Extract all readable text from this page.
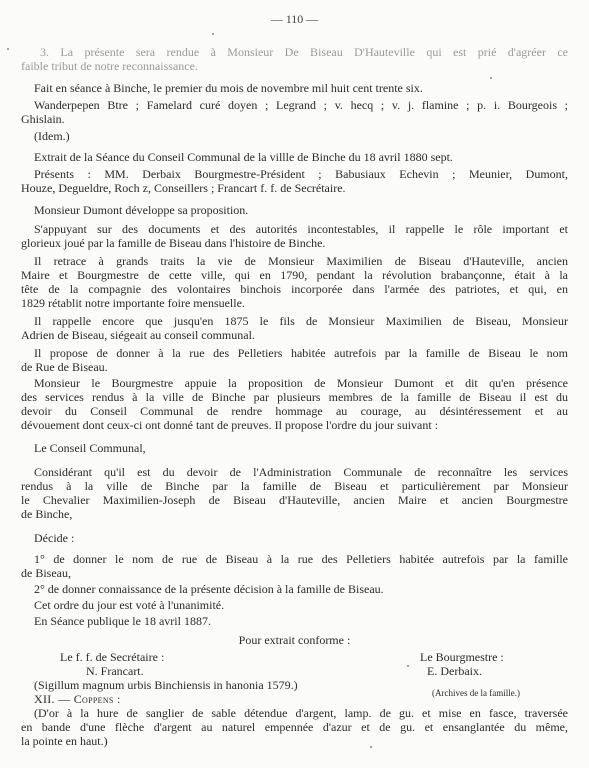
— 110 —
3. La présente sera rendue à Monsieur De Biseau D'Hauteville qui est prié d'agréer ce
faible tribut de notre reconnaissance.
Fait en séance à Binche, le premier du mois de novembre mil huit cent trente six.
Wanderpepen Btre ; Famelard curé doyen ; Legrand ; v. hecq ; v. j. flamine ; p. i. Bourgeois ;
Ghislain.
(Idem.)
Extrait de la Séance du Conseil Communal de la villle de Binche du 18 avril 1880 sept.
Présents : MM. Derbaix Bourgmestre-Président ; Babusiaux Echevin ; Meunier, Dumont,
Houze, Degueldre, Roch z, Conseillers ; Francart f. f. de Secrétaire.
Monsieur Dumont développe sa proposition.
S'appuyant sur des documents et des autorités incontestables, il rappelle le rôle important et
glorieux joué par la famille de Biseau dans l'histoire de Binche.
Il retrace à grands traits la vie de Monsieur Maximilien de Biseau d'Hauteville, ancien
Maire et Bourgmestre de cette ville, qui en 1790, pendant la révolution brabançonne, était à la
tête de la compagnie des volontaires binchois incorporée dans l'armée des patriotes, et qui, en
1829 rétablit notre importante foire mensuelle.
Il rappelle encore que jusqu'en 1875 le fils de Monsieur Maximilien de Biseau, Monsieur
Adrien de Biseau, siégeait au conseil communal.
Il propose de donner à la rue des Pelletiers habitée autrefois par la famille de Biseau le nom
de Rue de Biseau.
Monsieur le Bourgmestre appuie la proposition de Monsieur Dumont et dit qu'en présence
des services rendus à la ville de Binche par plusieurs membres de la famille de Biseau il est du
devoir du Conseil Communal de rendre hommage au courage, au désintéressement et au
dévouement dont ceux-ci ont donné tant de preuves. Il propose l'ordre du jour suivant :
Le Conseil Communal,
Considérant qu'il est du devoir de l'Administration Communale de reconnaître les services
rendus à la ville de Binche par la famille de Biseau et particulièrement par Monsieur
le Chevalier Maximilien-Joseph de Biseau d'Hauteville, ancien Maire et ancien Bourgmestre
de Binche,
Décide :
1° de donner le nom de rue de Biseau à la rue des Pelletiers habitée autrefois par la famille
de Biseau,
2° de donner connaissance de la présente décision à la famille de Biseau.
Cet ordre du jour est voté à l'unanimité.
En Séance publique le 18 avril 1887.
(D'or à la hure de sanglier de sable détendue d'argent, lamp. de gu. et mise en fasce, traversée
en bande d'une flèche d'argent au naturel empennée d'azur et de gu. et ensanglantée du même,
la pointe en haut.)
Pour extrait conforme :
Le f. f. de Secrétaire :
N. Francart.
Le Bourgmestre :
E. Derbaix.
(Sigillum magnum urbis Binchiensis in hanonia 1579.)
(Archives de la famille.)
XII. — Coppens :
